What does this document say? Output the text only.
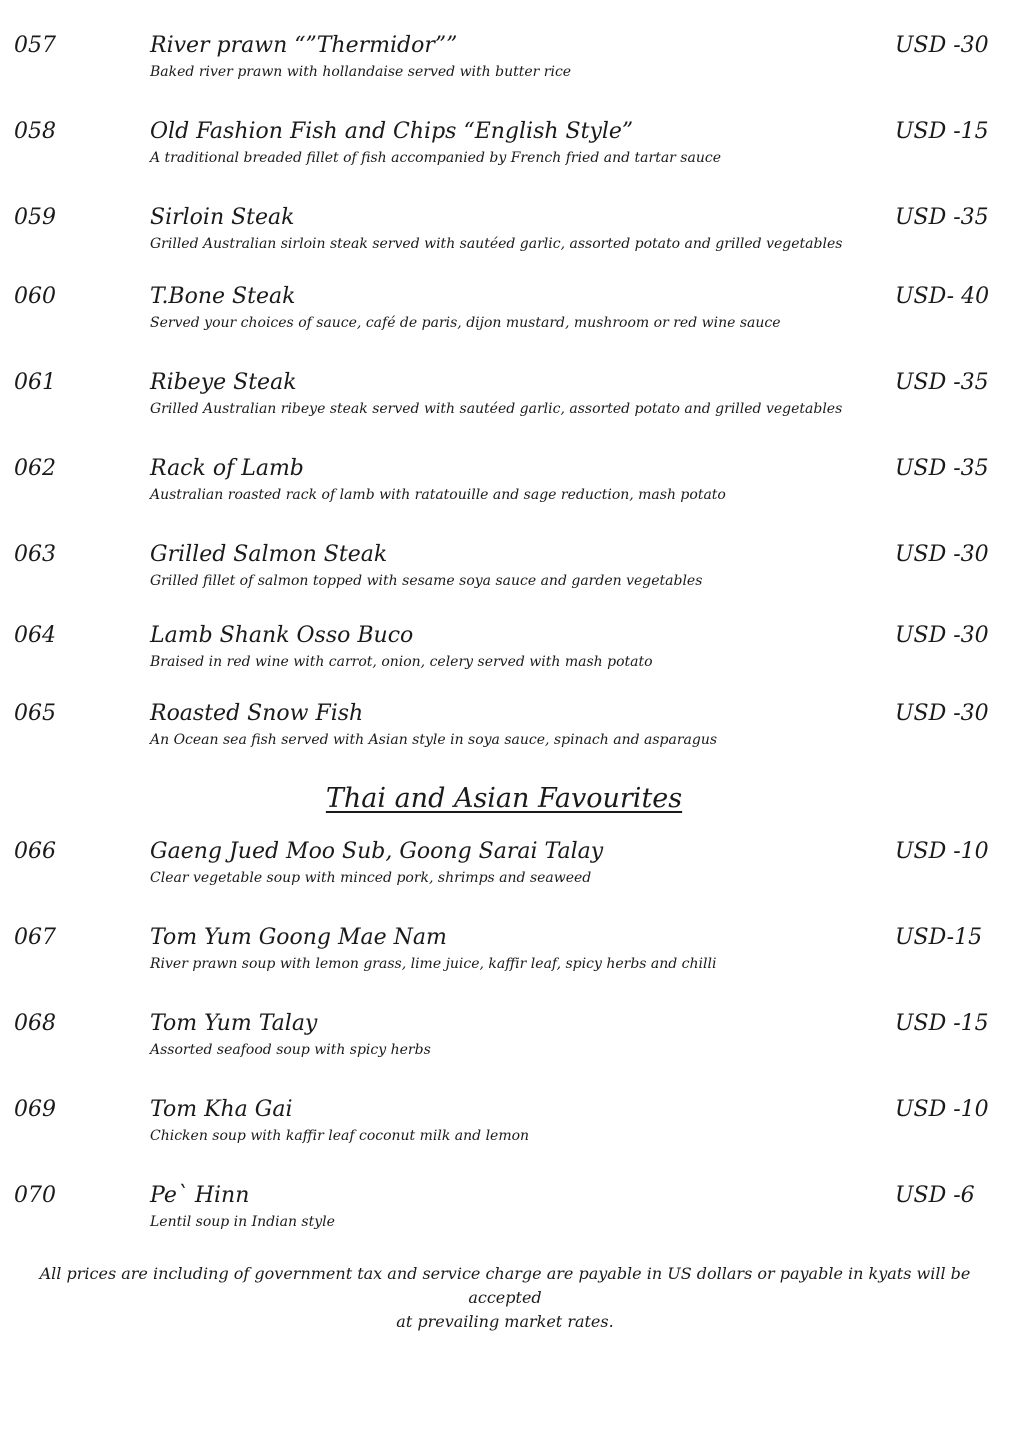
057	River prawn “”Thermidor””
Baked river prawn with hollandaise served with butter rice
USD -30
058	Old Fashion Fish and Chips “English Style”
A traditional breaded fillet of fish accompanied by French fried and tartar sauce
USD -15
059	Sirloin Steak
Grilled Australian sirloin steak served with sautéed garlic, assorted potato and grilled vegetables
USD -35
060	T.Bone Steak
Served your choices of sauce, café de paris, dijon mustard, mushroom or red wine sauce
USD- 40
061	Ribeye Steak
Grilled Australian ribeye steak served with sautéed garlic, assorted potato and grilled vegetables
USD -35
062	Rack of Lamb
Australian roasted rack of lamb with ratatouille and sage reduction, mash potato
USD -35
063	Grilled Salmon Steak
Grilled fillet of salmon topped with sesame soya sauce and garden vegetables
USD -30
064	Lamb Shank Osso Buco
Braised in red wine with carrot, onion, celery served with mash potato
USD -30
065	Roasted Snow Fish
An Ocean sea fish served with Asian style in soya sauce, spinach and asparagus
USD -30
Thai and Asian Favourites
066	Gaeng Jued Moo Sub, Goong Sarai Talay
Clear vegetable soup with minced pork, shrimps and seaweed
USD -10
067	Tom Yum Goong Mae Nam
River prawn soup with lemon grass, lime juice, kaffir leaf, spicy herbs and chilli
USD-15
068	Tom Yum Talay
Assorted seafood soup with spicy herbs
USD -15
069	Tom Kha Gai
Chicken soup with kaffir leaf coconut milk and lemon
USD -10
070	Pe` Hinn
Lentil soup in Indian style
USD -6
All prices are including of government tax and service charge are payable in US dollars or payable in kyats will be accepted
at prevailing market rates.
